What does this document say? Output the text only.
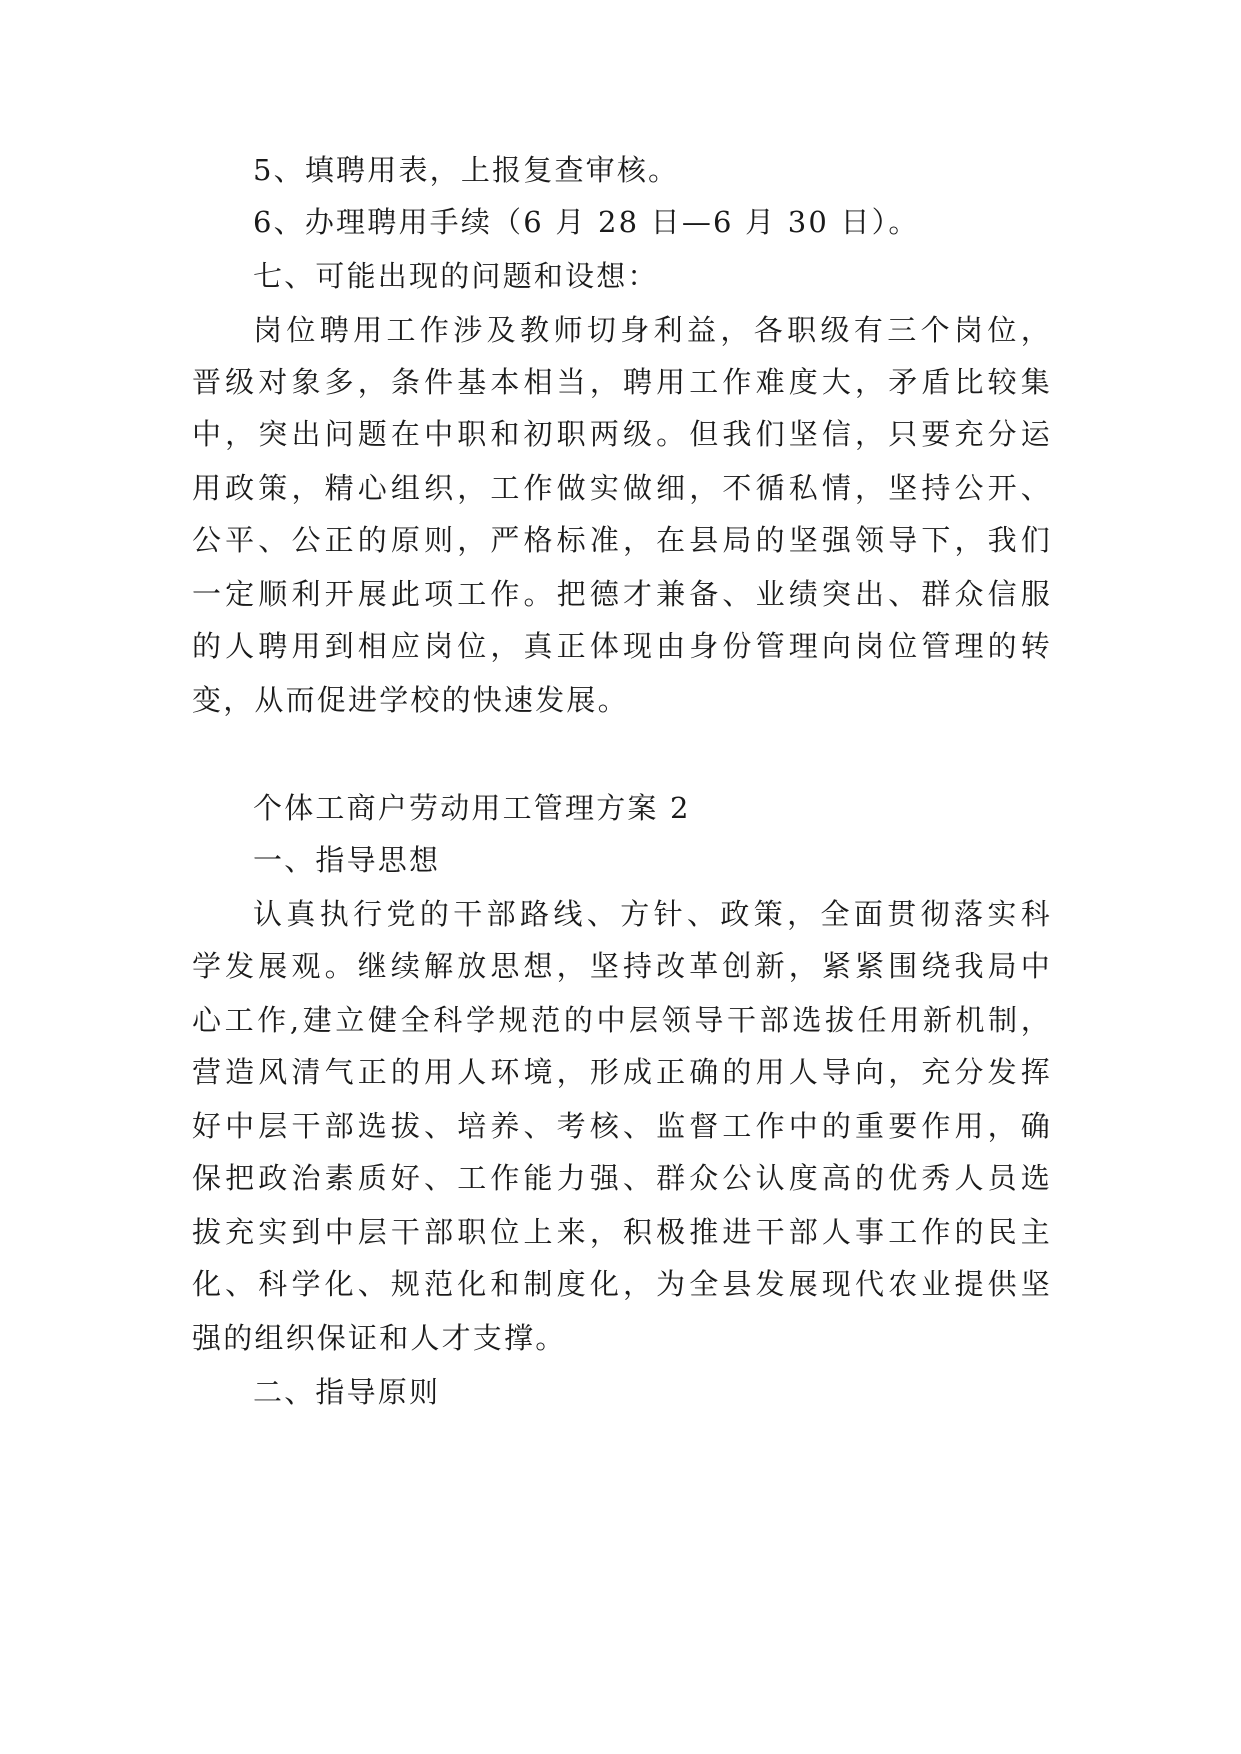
5、填聘用表，上报复查审核。
6、办理聘用手续（6 月 28 日—6 月 30 日）。
七、可能出现的问题和设想：
岗位聘用工作涉及教师切身利益，各职级有三个岗位，
晋级对象多，条件基本相当，聘用工作难度大，矛盾比较集
中，突出问题在中职和初职两级。但我们坚信，只要充分运
用政策，精心组织，工作做实做细，不循私情，坚持公开、
公平、公正的原则，严格标准，在县局的坚强领导下，我们
一定顺利开展此项工作。把德才兼备、业绩突出、群众信服
的人聘用到相应岗位，真正体现由身份管理向岗位管理的转
变，从而促进学校的快速发展。
个体工商户劳动用工管理方案 2
一、指导思想
认真执行党的干部路线、方针、政策，全面贯彻落实科
学发展观。继续解放思想，坚持改革创新，紧紧围绕我局中
心工作,建立健全科学规范的中层领导干部选拔任用新机制，
营造风清气正的用人环境，形成正确的用人导向，充分发挥
好中层干部选拔、培养、考核、监督工作中的重要作用，确
保把政治素质好、工作能力强、群众公认度高的优秀人员选
拔充实到中层干部职位上来，积极推进干部人事工作的民主
化、科学化、规范化和制度化，为全县发展现代农业提供坚
强的组织保证和人才支撑。
二、指导原则
